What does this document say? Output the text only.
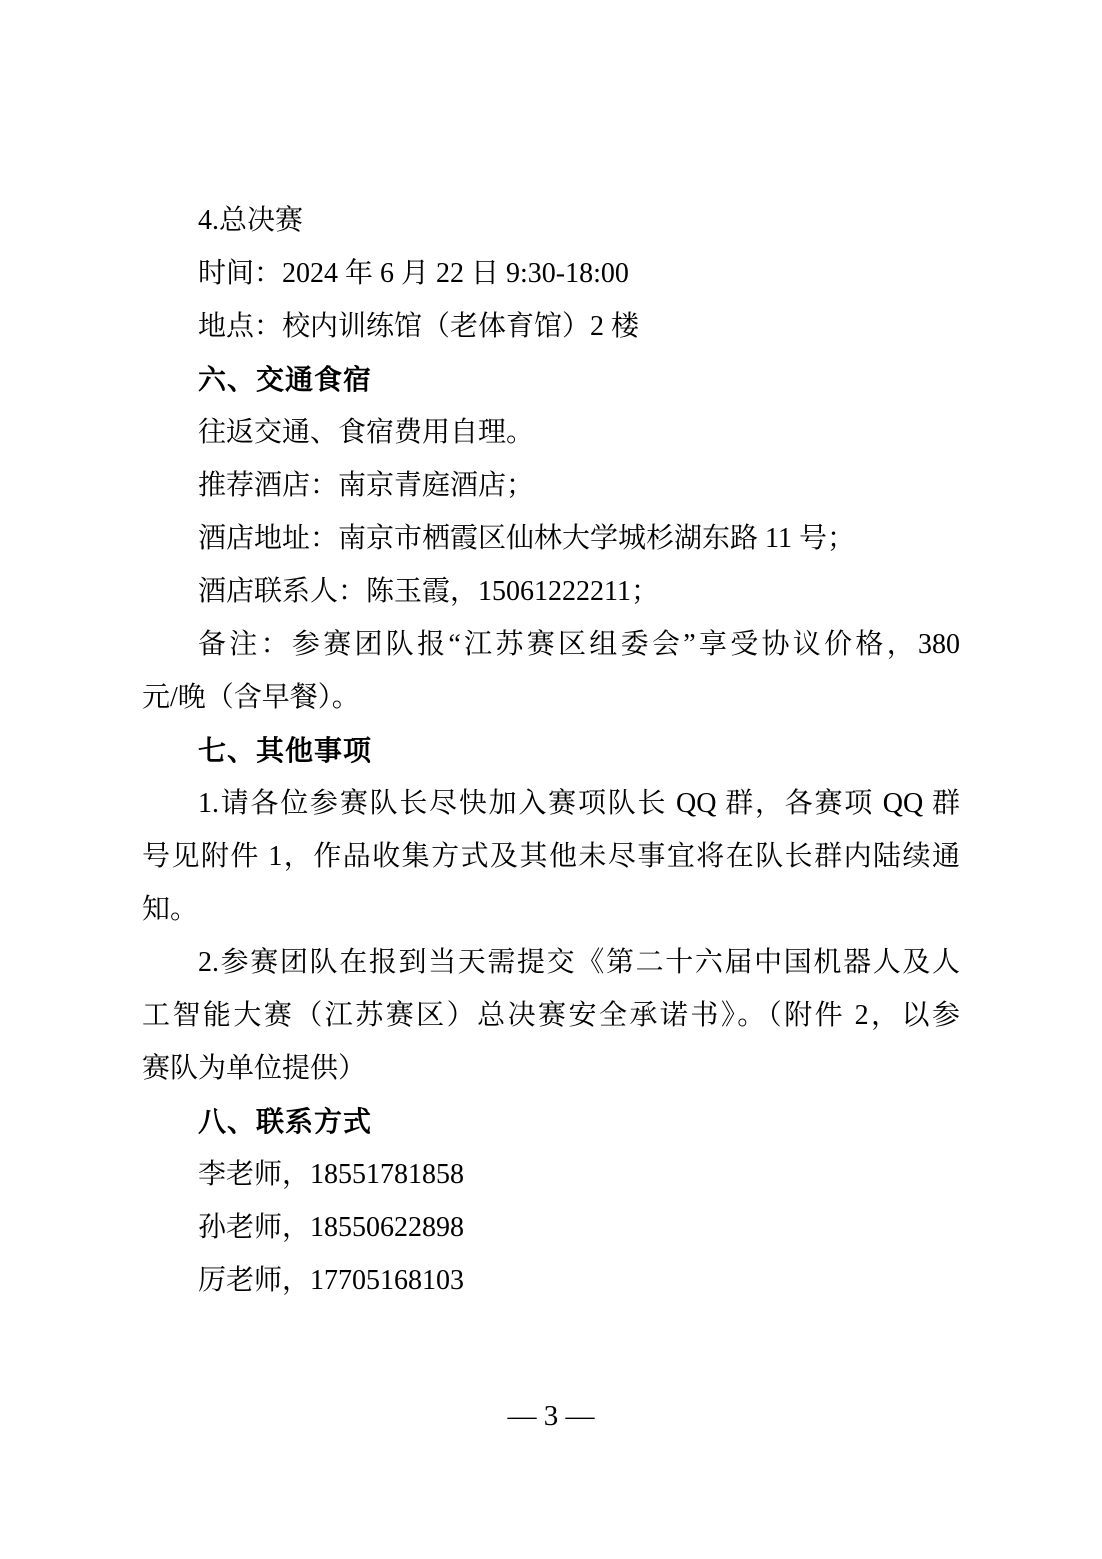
4.总决赛
时间：2024 年 6 月 22 日 9:30-18:00
地点：校内训练馆（老体育馆）2 楼
六、交通食宿
往返交通、食宿费用自理。
推荐酒店：南京青庭酒店；
酒店地址：南京市栖霞区仙林大学城杉湖东路 11 号；
酒店联系人：陈玉霞，15061222211；
备注：参赛团队报“江苏赛区组委会”享受协议价格，380
元/晚（含早餐）。
七、其他事项
1.请各位参赛队长尽快加入赛项队长 QQ 群，各赛项 QQ 群
号见附件 1，作品收集方式及其他未尽事宜将在队长群内陆续通
知。
2.参赛团队在报到当天需提交《第二十六届中国机器人及人
工智能大赛（江苏赛区）总决赛安全承诺书》。（附件 2，以参
赛队为单位提供）
八、联系方式
李老师，18551781858
孙老师，18550622898
厉老师，17705168103
— 3 —
